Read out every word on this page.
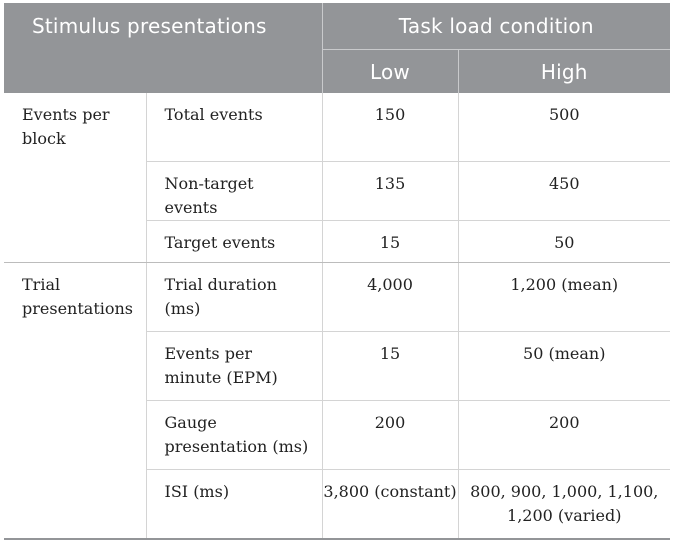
Stimulus presentations		Task load condition	
		Low	High
Events per block	Total events	150	500
	Non-target events	135	450
	Target events	15	50
Trial presentations	Trial duration (ms)	4,000	1,200 (mean)
	Events per minute (EPM)	15	50 (mean)
	Gauge presentation (ms)	200	200
	ISI (ms)	3,800 (constant)	800, 900, 1,000, 1,100, 1,200 (varied)
